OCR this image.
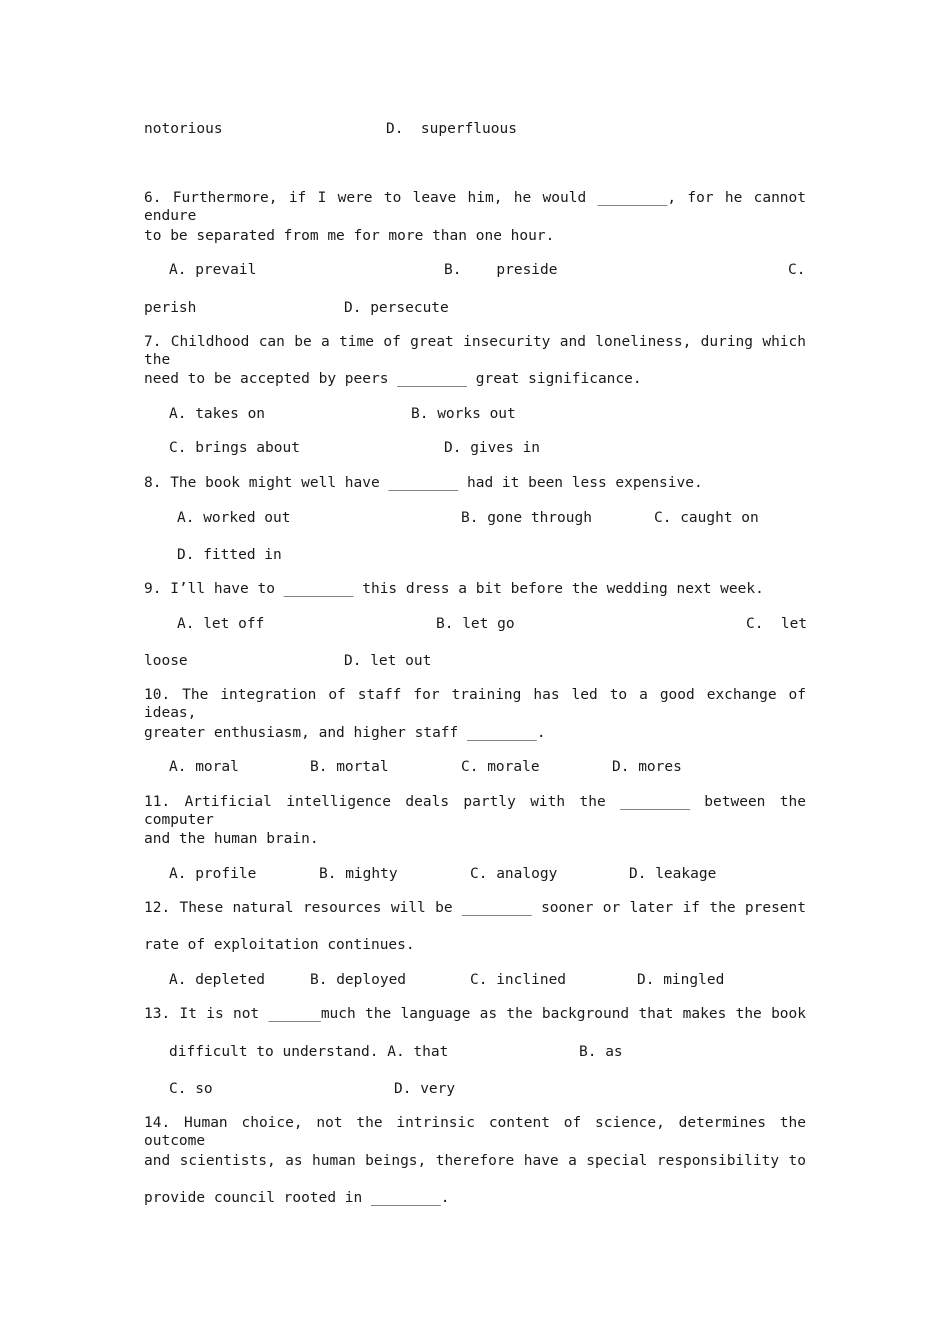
notorious	D.  superfluous
6. Furthermore, if I were to leave him, he would ________, for he cannot endure
to be separated from me for more than one hour.
A. prevail	B.    preside	C.
perish	D. persecute
7. Childhood can be a time of great insecurity and loneliness, during which the
need to be accepted by peers ________ great significance.
A. takes on	B. works out
C. brings about	D. gives in
8. The book might well have ________ had it been less expensive.
A. worked out	B. gone through	C. caught on
D. fitted in
9. I’ll have to ________ this dress a bit before the wedding next week.
A. let off	B. let go	C.  let
loose	D. let out
10. The integration of staff for training has led to a good exchange of ideas,
greater enthusiasm, and higher staff ________.
A. moral	B. mortal	C. morale	D. mores
11. Artificial intelligence deals partly with the ________ between the computer
and the human brain.
A. profile	B. mighty	C. analogy	D. leakage
12. These natural resources will be ________ sooner or later if the present
rate of exploitation continues.
A. depleted	B. deployed	C. inclined	D. mingled
13. It is not ______much the language as the background that makes the book
difficult to understand. A. that	B. as
C. so	D. very
14. Human choice, not the intrinsic content of science, determines the outcome
and scientists, as human beings, therefore have a special responsibility to
provide council rooted in ________.
